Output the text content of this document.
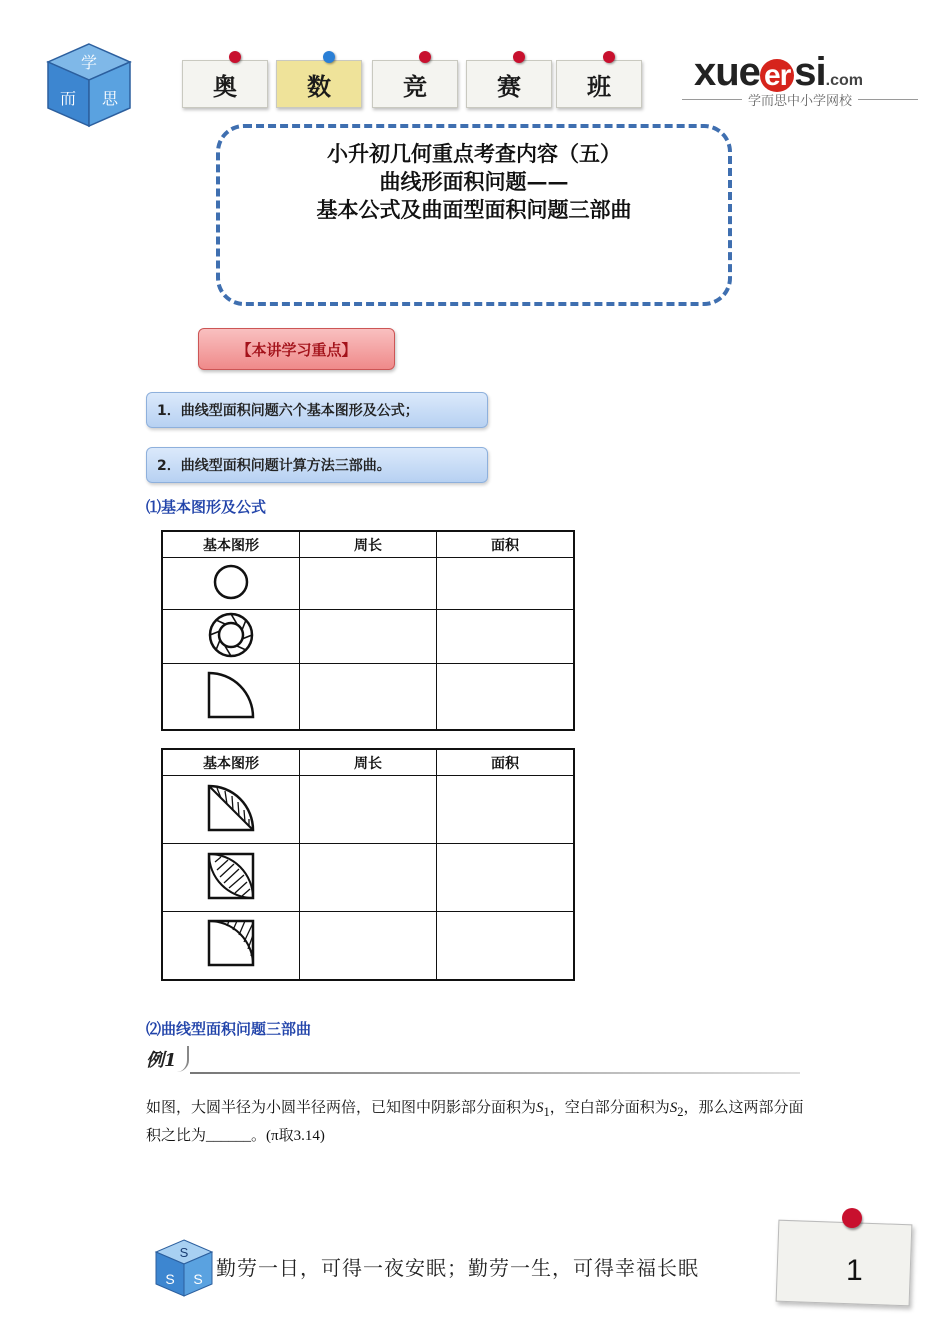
学
而 思	奥	数	竞	赛	班 xue er si.com
学而思中小学网校
小升初几何重点考查内容（五）
曲线形面积问题——
基本公式及曲面型面积问题三部曲
【本讲学习重点】
1．曲线型面积问题六个基本图形及公式；
2．曲线型面积问题计算方法三部曲。
⑴基本图形及公式
基本图形	周长	面积

基本图形	周长	面积

⑵曲线型面积问题三部曲
例1
如图，大圆半径为小圆半径两倍，已知图中阴影部分面积为$S_1$，空白部分面积为$S_2$，那么这两部分面积之比为______。(π取3.14)
S
S S 勤劳一日，可得一夜安眠；勤劳一生，可得幸福长眠	1
